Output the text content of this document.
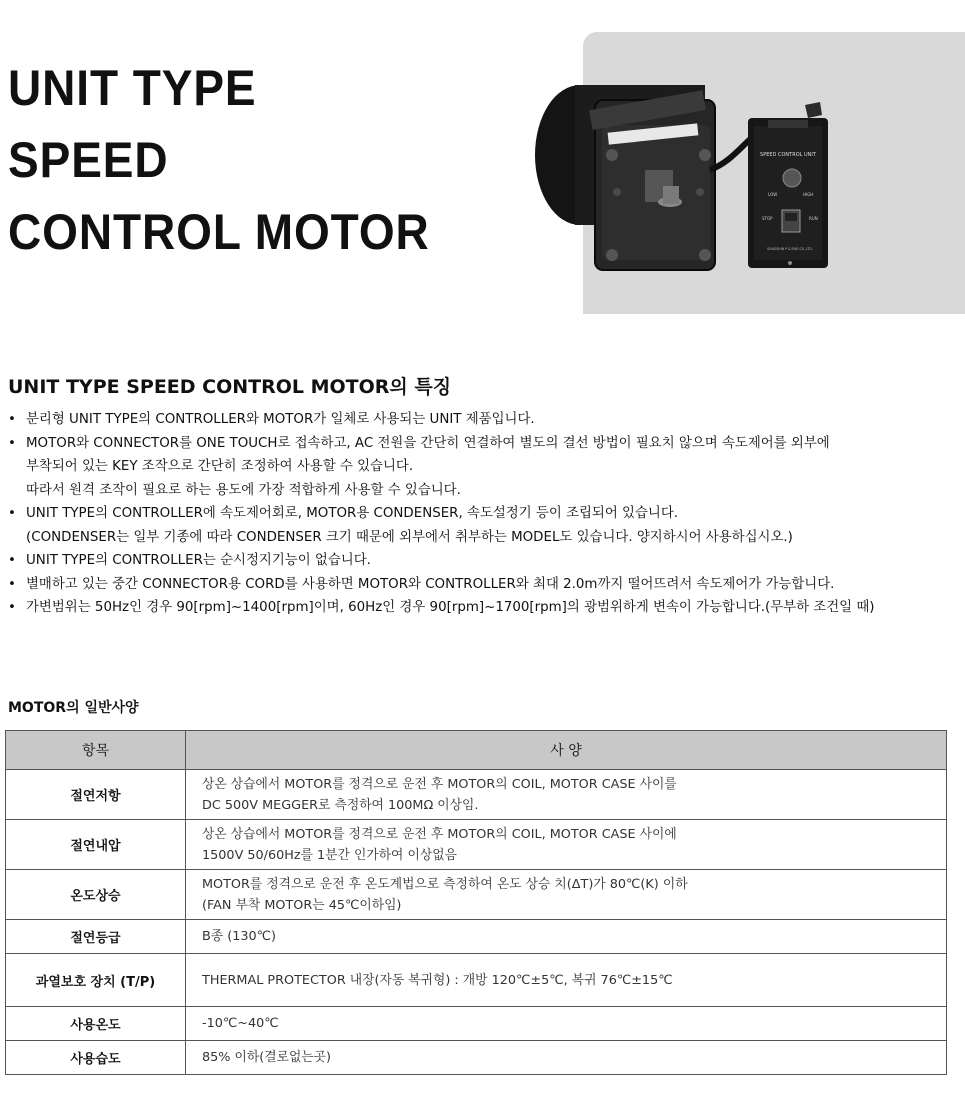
UNIT TYPE
SPEED
CONTROL MOTOR
SPEED CONTROL UNIT
LOW	HIGH
STOP	RUN
SUNGSHIN P & ENG CO.,LTD.
UNIT TYPE SPEED CONTROL MOTOR의 특징
• 분리형 UNIT TYPE의 CONTROLLER와 MOTOR가 일체로 사용되는 UNIT 제품입니다.
• MOTOR와 CONNECTOR를 ONE TOUCH로 접속하고, AC 전원을 간단히 연결하여 별도의 결선 방법이 필요치 않으며 속도제어를 외부에
부착되어 있는 KEY 조작으로 간단히 조정하여 사용할 수 있습니다.
따라서 원격 조작이 필요로 하는 용도에 가장 적합하게 사용할 수 있습니다.
• UNIT TYPE의 CONTROLLER에 속도제어회로, MOTOR용 CONDENSER, 속도설정기 등이 조립되어 있습니다.
(CONDENSER는 일부 기종에 따라 CONDENSER 크기 때문에 외부에서 취부하는 MODEL도 있습니다. 양지하시어 사용하십시오.)
• UNIT TYPE의 CONTROLLER는 순시정지기능이 없습니다.
• 별매하고 있는 중간 CONNECTOR용 CORD를 사용하면 MOTOR와 CONTROLLER와 최대 2.0m까지 떨어뜨려서 속도제어가 가능합니다.
• 가변범위는 50Hz인 경우 90[rpm]~1400[rpm]이며, 60Hz인 경우 90[rpm]~1700[rpm]의 광범위하게 변속이 가능합니다.(무부하 조건일 때)
MOTOR의 일반사양
항목	사 양
절연저항	상온 상습에서 MOTOR를 정격으로 운전 후 MOTOR의 COIL, MOTOR CASE 사이를
DC 500V MEGGER로 측정하여 100MΩ 이상임.

절연내압	상온 상습에서 MOTOR를 정격으로 운전 후 MOTOR의 COIL, MOTOR CASE 사이에
1500V 50/60Hz를 1분간 인가하여 이상없음

온도상승	MOTOR를 정격으로 운전 후 온도계법으로 측정하여 온도 상승 치(ΔT)가 80℃(K) 이하
(FAN 부착 MOTOR는 45℃이하임)

절연등급	B종 (130℃)

과열보호 장치 (T/P)	THERMAL PROTECTOR 내장(자동 복귀형) : 개방 120℃±5℃, 복귀 76℃±15℃

사용온도	-10℃~40℃

사용습도	85% 이하(결로없는곳)
